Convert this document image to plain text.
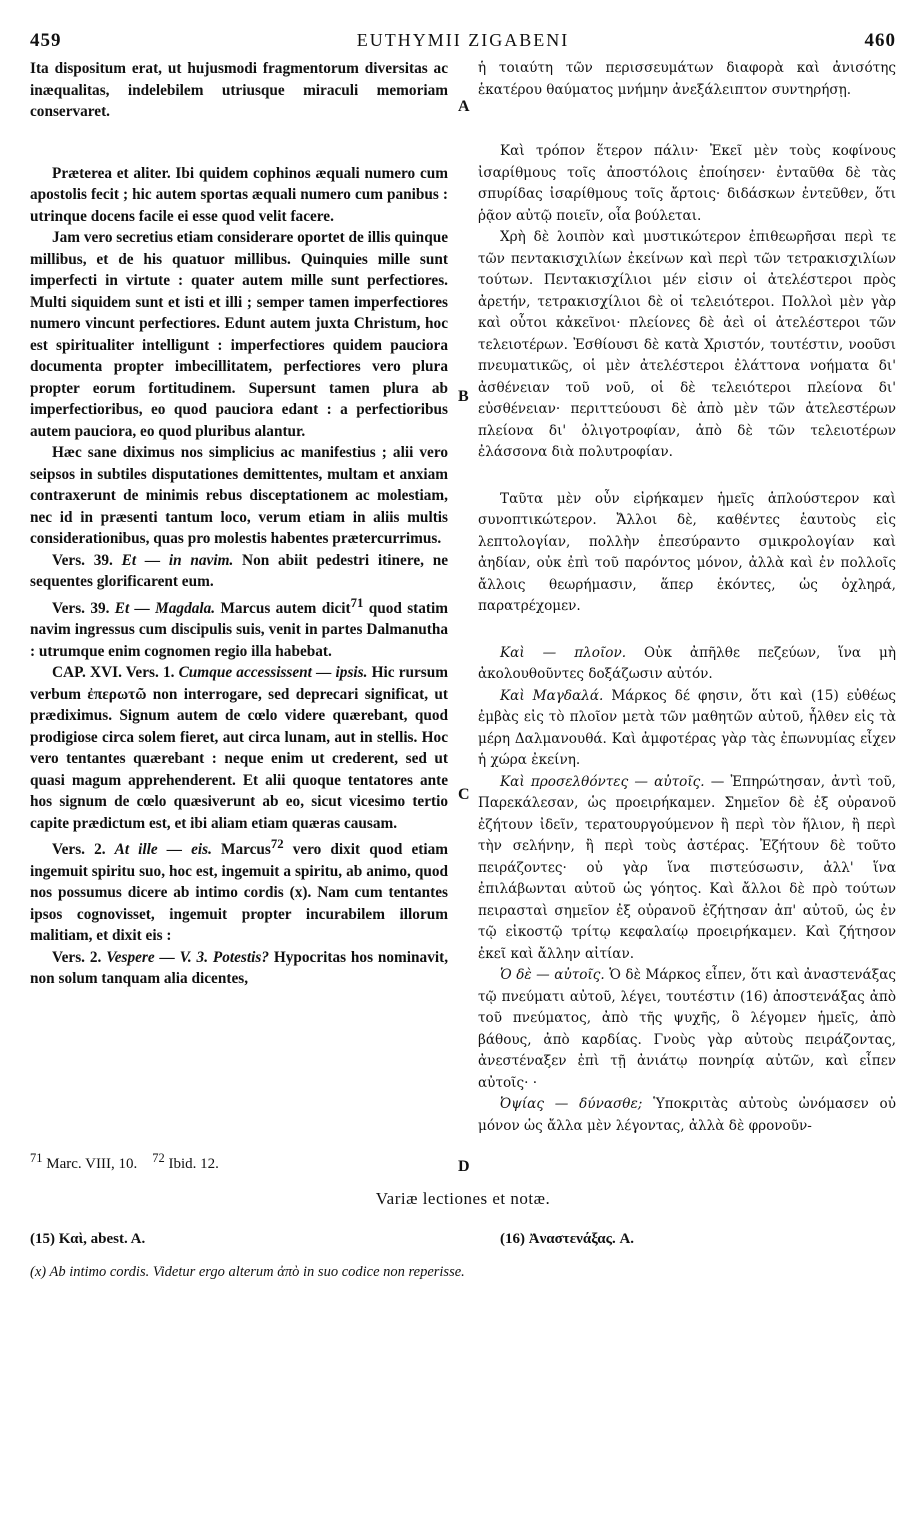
459	EUTHYMII ZIGABENI	460

Ita dispositum erat, ut hujusmodi fragmentorum diversitas ac inæqualitas, indelebilem utriusque miraculi memoriam conservaret.

Præterea et aliter. Ibi quidem cophinos æquali numero cum apostolis fecit ; hic autem sportas æquali numero cum panibus : utrinque docens facile ei esse quod velit facere.

Jam vero secretius etiam considerare oportet de illis quinque millibus, et de his quatuor millibus. Quinquies mille sunt imperfecti in virtute : quater autem mille sunt perfectiores. Multi siquidem sunt et isti et illi ; semper tamen imperfectiores numero vincunt perfectiores. Edunt autem juxta Christum, hoc est spiritualiter intelligunt : imperfectiores quidem pauciora documenta propter imbecillitatem, perfectiores vero plura propter eorum fortitudinem. Supersunt tamen plura ab imperfectioribus, eo quod pauciora edant : a perfectioribus autem pauciora, eo quod pluribus alantur.

Hæc sane diximus nos simplicius ac manifestius ; alii vero seipsos in subtiles disputationes demittentes, multam et anxiam contraxerunt de minimis rebus disceptationem ac molestiam, nec id in præsenti tantum loco, verum etiam in aliis multis considerationibus, quas pro molestis habentes prætercurrimus.

Vers. 39. Et — in navim. Non abiit pedestri itinere, ne sequentes glorificarent eum.

Vers. 39. Et — Magdala. Marcus autem dicit$^{71}$ quod statim navim ingressus cum discipulis suis, venit in partes Dalmanutha : utrumque enim cognomen regio illa habebat.

CAP. XVI. Vers. 1. Cumque accessissent — ipsis. Hic rursum verbum ἐπερωτῶ non interrogare, sed deprecari significat, ut prædiximus. Signum autem de cœlo videre quærebant, quod prodigiose circa solem fieret, aut circa lunam, aut in stellis. Hoc vero tentantes quærebant : neque enim ut crederent, sed ut quasi magum apprehenderent. Et alii quoque tentatores ante hos signum de cœlo quæsiverunt ab eo, sicut vicesimo tertio capite prædictum est, et ibi aliam etiam quæras causam.

Vers. 2. At ille — eis. Marcus$^{72}$ vero dixit quod etiam ingemuit spiritu suo, hoc est, ingemuit a spiritu, ab animo, quod nos possumus dicere ab intimo cordis (x). Nam cum tentantes ipsos cognovisset, ingemuit propter incurabilem illorum malitiam, et dixit eis :

Vers. 2. Vespere — V. 3. Potestis? Hypocritas hos nominavit, non solum tanquam alia dicentes,

A
B
C
D

ἡ τοιαύτη τῶν περισσευμάτων διαφορὰ καὶ ἀνισότης ἑκατέρου θαύματος μνήμην ἀνεξάλειπτον συντηρήσῃ.

Καὶ τρόπον ἕτερον πάλιν· Ἐκεῖ μὲν τοὺς κοφίνους ἰσαρίθμους τοῖς ἀποστόλοις ἐποίησεν· ἐνταῦθα δὲ τὰς σπυρίδας ἰσαρίθμους τοῖς ἄρτοις· διδάσκων ἐντεῦθεν, ὅτι ῥᾷον αὐτῷ ποιεῖν, οἷα βούλεται.

Χρὴ δὲ λοιπὸν καὶ μυστικώτερον ἐπιθεωρῆσαι περὶ τε τῶν πεντακισχιλίων ἐκείνων καὶ περὶ τῶν τετρακισχιλίων τούτων. Πεντακισχίλιοι μέν εἰσιν οἱ ἀτελέστεροι πρὸς ἀρετήν, τετρακισχίλιοι δὲ οἱ τελειότεροι. Πολλοὶ μὲν γὰρ καὶ οὗτοι κἀκεῖνοι· πλείονες δὲ ἀεὶ οἱ ἀτελέστεροι τῶν τελειοτέρων. Ἐσθίουσι δὲ κατὰ Χριστόν, τουτέστιν, νοοῦσι πνευματικῶς, οἱ μὲν ἀτελέστεροι ἐλάττονα νοήματα δι' ἀσθένειαν τοῦ νοῦ, οἱ δὲ τελειότεροι πλείονα δι' εὐσθένειαν· περιττεύουσι δὲ ἀπὸ μὲν τῶν ἀτελεστέρων πλείονα δι' ὀλιγοτροφίαν, ἀπὸ δὲ τῶν τελειοτέρων ἐλάσσονα διὰ πολυτροφίαν.

Ταῦτα μὲν οὖν εἰρήκαμεν ἡμεῖς ἁπλούστερον καὶ συνοπτικώτερον. Ἄλλοι δὲ, καθέντες ἑαυτοὺς εἰς λεπτολογίαν, πολλὴν ἐπεσύραντο σμικρολογίαν καὶ ἀηδίαν, οὐκ ἐπὶ τοῦ παρόντος μόνον, ἀλλὰ καὶ ἐν πολλοῖς ἄλλοις θεωρήμασιν, ἅπερ ἑκόντες, ὡς ὀχληρά, παρατρέχομεν.

Καὶ — πλοῖον. Οὐκ ἀπῆλθε πεζεύων, ἵνα μὴ ἀκολουθοῦντες δοξάζωσιν αὐτόν.

Καὶ Μαγδαλά. Μάρκος δέ φησιν, ὅτι καὶ (15) εὐθέως ἐμβὰς εἰς τὸ πλοῖον μετὰ τῶν μαθητῶν αὐτοῦ, ἦλθεν εἰς τὰ μέρη Δαλμανουθά. Καὶ ἀμφοτέρας γὰρ τὰς ἐπωνυμίας εἶχεν ἡ χώρα ἐκείνη.

Καὶ προσελθόντες — αὐτοῖς. — Ἐπηρώτησαν, ἀντὶ τοῦ, Παρεκάλεσαν, ὡς προειρήκαμεν. Σημεῖον δὲ ἐξ οὐρανοῦ ἐζήτουν ἰδεῖν, τερατουργούμενον ἢ περὶ τὸν ἥλιον, ἢ περὶ τὴν σελήνην, ἢ περὶ τοὺς ἀστέρας. Ἐζήτουν δὲ τοῦτο πειράζοντες· οὐ γὰρ ἵνα πιστεύσωσιν, ἀλλ' ἵνα ἐπιλάβωνται αὐτοῦ ὡς γόητος. Καὶ ἄλλοι δὲ πρὸ τούτων πειρασταὶ σημεῖον ἐξ οὐρανοῦ ἐζήτησαν ἀπ' αὐτοῦ, ὡς ἐν τῷ εἰκοστῷ τρίτῳ κεφαλαίῳ προειρήκαμεν. Καὶ ζήτησον ἐκεῖ καὶ ἄλλην αἰτίαν.

Ὁ δὲ — αὐτοῖς. Ὁ δὲ Μάρκος εἶπεν, ὅτι καὶ ἀναστενάξας τῷ πνεύματι αὐτοῦ, λέγει, τουτέστιν (16) ἀποστενάξας ἀπὸ τοῦ πνεύματος, ἀπὸ τῆς ψυχῆς, ὃ λέγομεν ἡμεῖς, ἀπὸ βάθους, ἀπὸ καρδίας. Γνοὺς γὰρ αὐτοὺς πειράζοντας, ἀνεστέναξεν ἐπὶ τῇ ἀνιάτῳ πονηρίᾳ αὐτῶν, καὶ εἶπεν αὐτοῖς· ·

Ὀψίας — δύνασθε; Ὑποκριτὰς αὐτοὺς ὠνόμασεν οὐ μόνον ὡς ἄλλα μὲν λέγοντας, ἀλλὰ δὲ φρονοῦν-

$^{71}$ Marc. VIII, 10. $^{72}$ Ibid. 12.
Variæ lectiones et notæ.
(15) Καὶ, abest. A.	(16) Ἀναστενάξας. A.
(x) Ab intimo cordis. Videtur ergo alterum ἀπὸ in suo codice non reperisse.
